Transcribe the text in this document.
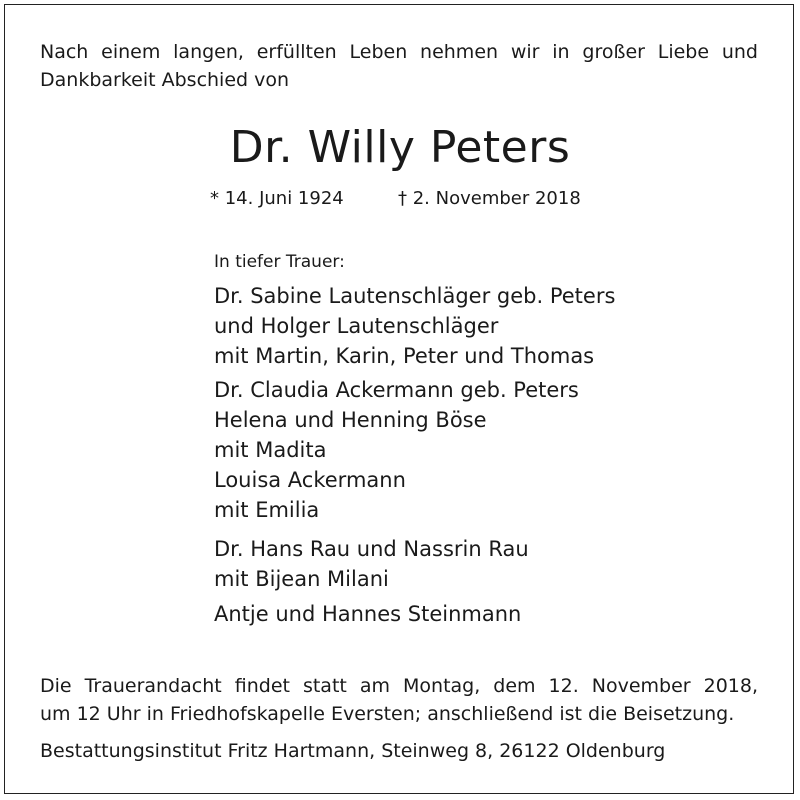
Nach einem langen, erfüllten Leben nehmen wir in großer Liebe und
Dankbarkeit Abschied von
Dr. Willy Peters
* 14. Juni 1924	† 2. November 2018
In tiefer Trauer:
Dr. Sabine Lautenschläger geb. Peters
und Holger Lautenschläger
mit Martin, Karin, Peter und Thomas
Dr. Claudia Ackermann geb. Peters
Helena und Henning Böse
mit Madita
Louisa Ackermann
mit Emilia
Dr. Hans Rau und Nassrin Rau
mit Bijean Milani
Antje und Hannes Steinmann
Die Trauerandacht findet statt am Montag, dem 12. November 2018,
um 12 Uhr in Friedhofskapelle Eversten; anschließend ist die Beisetzung.
Bestattungsinstitut Fritz Hartmann, Steinweg 8, 26122 Oldenburg
